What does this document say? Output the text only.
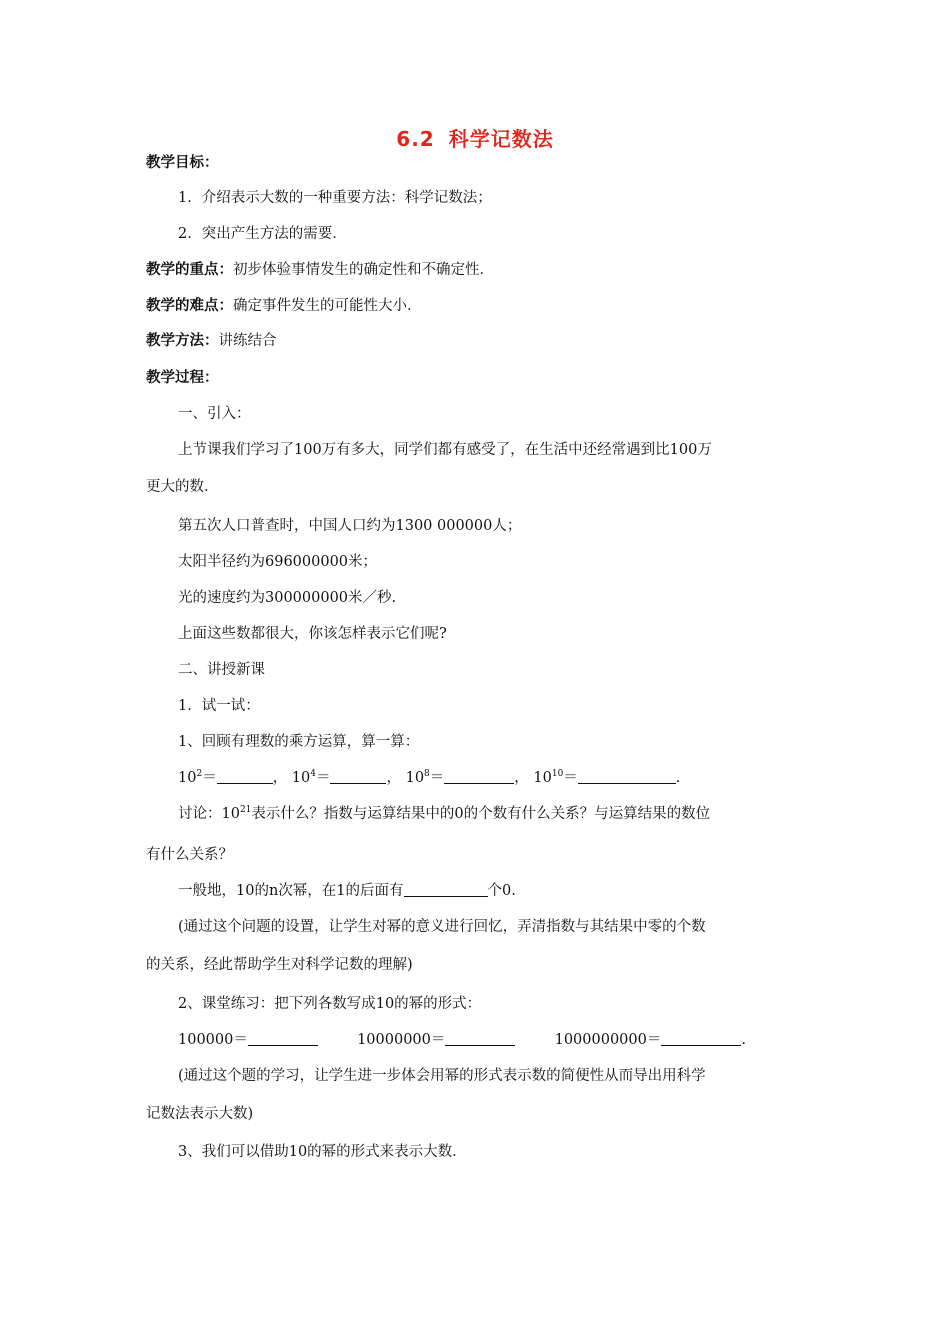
6.2 科学记数法
教学目标：
1．介绍表示大数的一种重要方法：科学记数法；
2．突出产生方法的需要．
教学的重点：初步体验事情发生的确定性和不确定性．
教学的难点：确定事件发生的可能性大小．
教学方法：讲练结合
教学过程：
一、引入：
上节课我们学习了100万有多大，同学们都有感受了，在生活中还经常遇到比100万
更大的数.
第五次人口普查时，中国人口约为1300 000000人；
太阳半径约为696000000米；
光的速度约为300000000米／秒.
上面这些数都很大，你该怎样表示它们呢?
二、讲授新课
1．试一试：
1、回顾有理数的乘方运算，算一算：
$10^2=$	， $10^4=$	， $10^8=$	， $10^{10}=$	.
讨论：$10^{21}$表示什么？指数与运算结果中的0的个数有什么关系？与运算结果的数位
有什么关系？
一般地，10的n次幂，在1的后面有	个0.
(通过这个问题的设置，让学生对幂的意义进行回忆，弄清指数与其结果中零的个数
的关系，经此帮助学生对科学记数的理解)
2、课堂练习：把下列各数写成10的幂的形式：
100000＝	10000000＝	1000000000＝	.
(通过这个题的学习，让学生进一步体会用幂的形式表示数的简便性从而导出用科学
记数法表示大数)
3、我们可以借助10的幂的形式来表示大数.
